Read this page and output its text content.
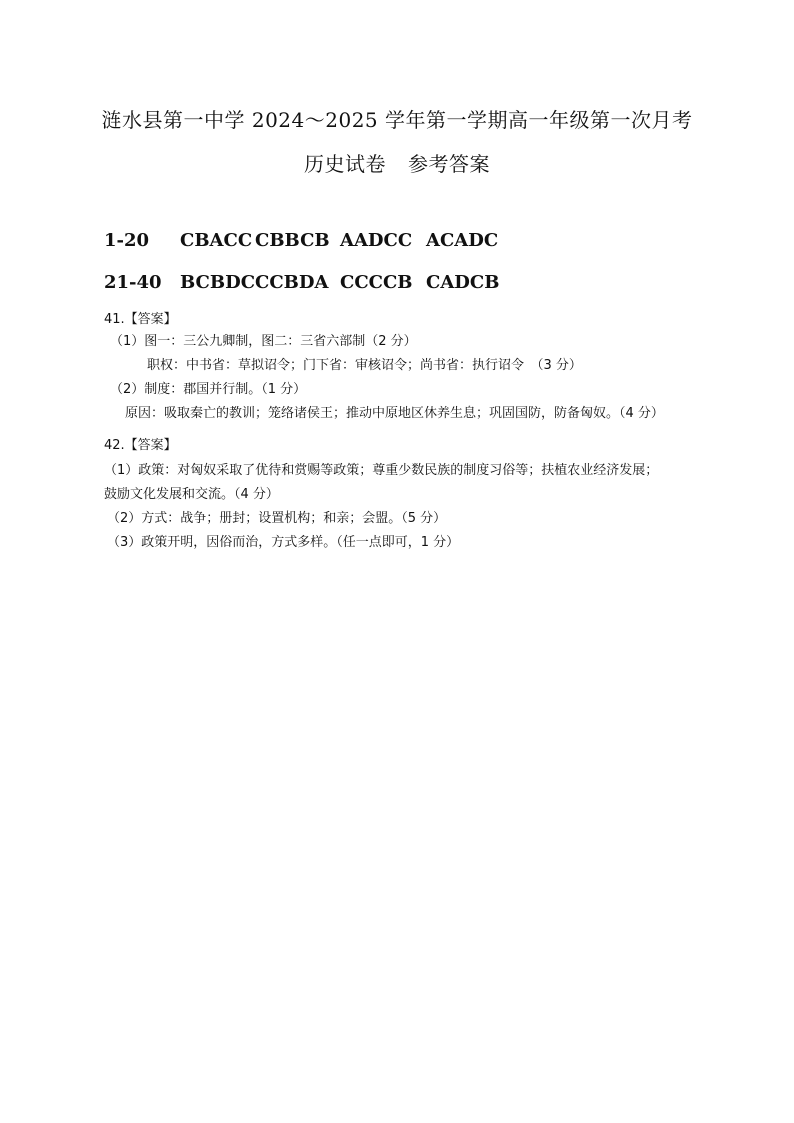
涟水县第一中学 2024～2025 学年第一学期高一年级第一次月考
历史试卷 参考答案
1-20 CBACC CBBCB AADCC ACADC
21-40 BCBDC CCBDA CCCCB CADCB
41.【答案】
（1）图一：三公九卿制，图二：三省六部制（2 分）
职权：中书省：草拟诏令；门下省：审核诏令；尚书省：执行诏令　（3 分）
（2）制度：郡国并行制。（1 分）
原因：吸取秦亡的教训；笼络诸侯王；推动中原地区休养生息；巩固国防，防备匈奴。（4 分）
42.【答案】
（1）政策：对匈奴采取了优待和赏赐等政策；尊重少数民族的制度习俗等；扶植农业经济发展；
鼓励文化发展和交流。（4 分）
（2）方式：战争；册封；设置机构；和亲；会盟。（5 分）
（3）政策开明，因俗而治，方式多样。（任一点即可，1 分）
